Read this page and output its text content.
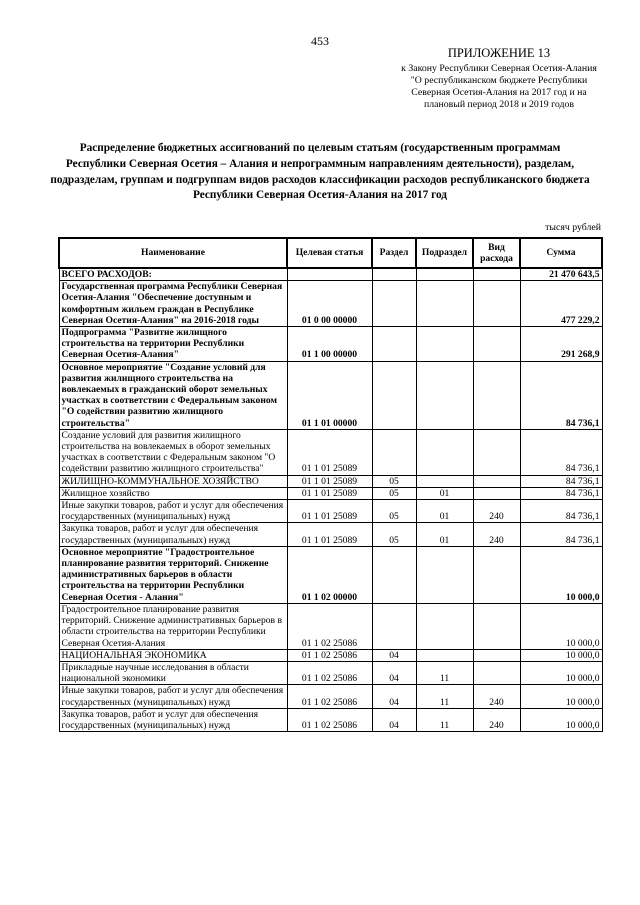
453
ПРИЛОЖЕНИЕ 13
к Закону Республики Северная Осетия-Алания "О республиканском бюджете Республики Северная Осетия-Алания на 2017 год и на плановый период 2018 и 2019 годов
Распределение бюджетных ассигнований по целевым статьям (государственным программам Республики Северная Осетия – Алания и непрограммным направлениям деятельности), разделам, подразделам, группам и подгруппам видов расходов классификации расходов республиканского бюджета Республики Северная Осетия-Алания на 2017 год
тысяч рублей
Наименование	Целевая статья	Раздел	Подраздел	Вид расхода	Сумма
ВСЕГО РАСХОДОВ:					21 470 643,5
Государственная программа Республики Северная Осетия-Алания "Обеспечение доступным и комфортным жильем граждан в Республике Северная Осетия-Алания" на 2016-2018 годы	01 0 00 00000				477 229,2
Подпрограмма "Развитие жилищного строительства на территории Республики Северная Осетия-Алания"	01 1 00 00000				291 268,9
Основное мероприятие "Создание условий для развития жилищного строительства на вовлекаемых в гражданский оборот земельных участках в соответствии с Федеральным законом "О содействии развитию жилищного строительства"	01 1 01 00000				84 736,1
Создание условий для развития жилищного строительства на вовлекаемых в оборот земельных участках в соответствии с Федеральным законом "О содействии развитию жилищного строительства"	01 1 01 25089				84 736,1
ЖИЛИЩНО-КОММУНАЛЬНОЕ ХОЗЯЙСТВО	01 1 01 25089	05			84 736,1
Жилищное хозяйство	01 1 01 25089	05	01		84 736,1
Иные закупки товаров, работ и услуг для обеспечения государственных (муниципальных) нужд	01 1 01 25089	05	01	240	84 736,1
Закупка товаров, работ и услуг для обеспечения государственных (муниципальных) нужд	01 1 01 25089	05	01	240	84 736,1
Основное мероприятие "Градостроительное планирование развития территорий. Снижение административных барьеров в области строительства на территории Республики Северная Осетия - Алания"	01 1 02 00000				10 000,0
Градостроительное планирование развития территорий. Снижение административных барьеров в области строительства на территории Республики Северная Осетия-Алания	01 1 02 25086				10 000,0
НАЦИОНАЛЬНАЯ ЭКОНОМИКА	01 1 02 25086	04			10 000,0
Прикладные научные исследования в области национальной экономики	01 1 02 25086	04	11		10 000,0
Иные закупки товаров, работ и услуг для обеспечения государственных (муниципальных) нужд	01 1 02 25086	04	11	240	10 000,0
Закупка товаров, работ и услуг для обеспечения государственных (муниципальных) нужд	01 1 02 25086	04	11	240	10 000,0
